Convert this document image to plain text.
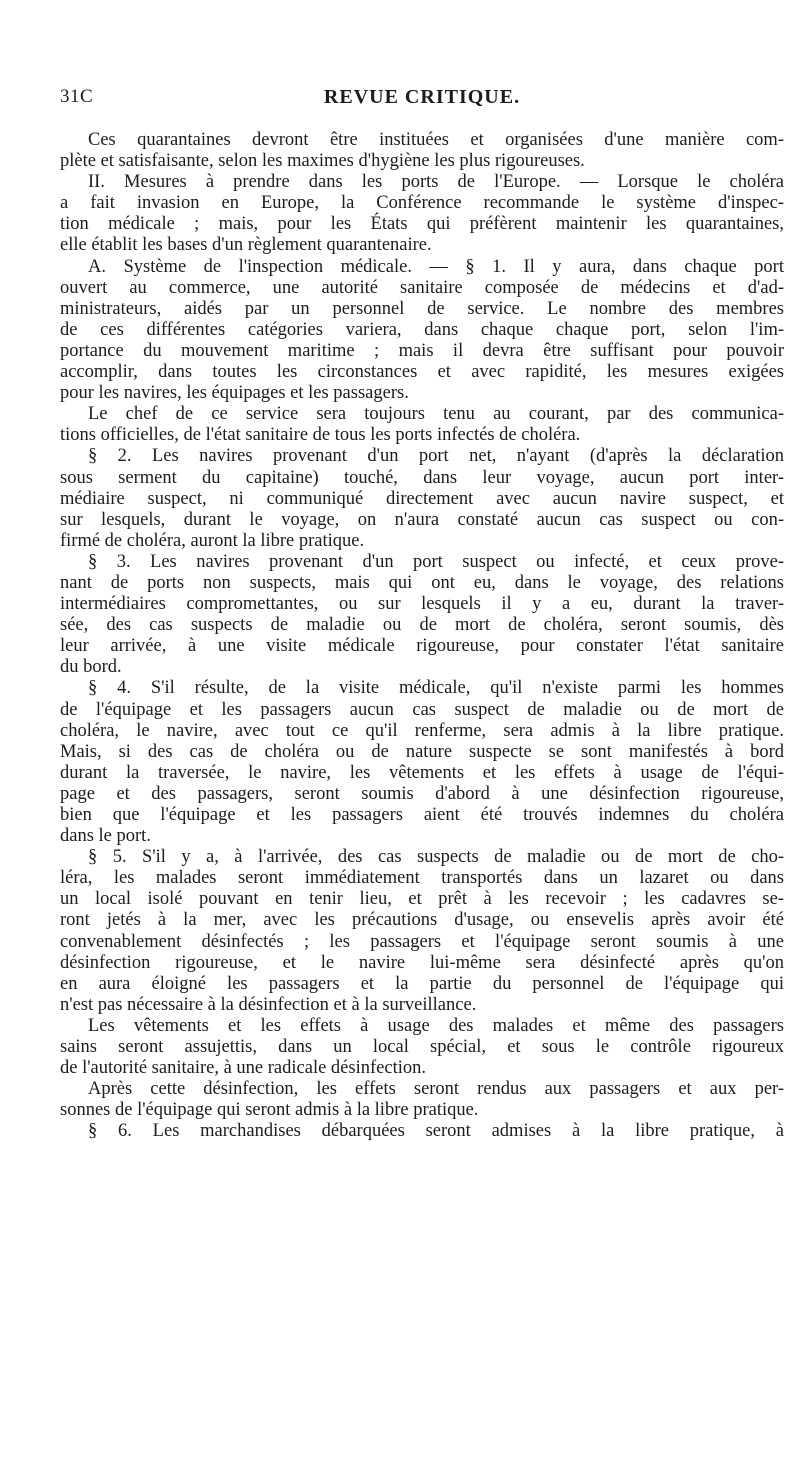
31C	REVUE CRITIQUE.
Ces quarantaines devront être instituées et organisées d'une manière com-
plète et satisfaisante, selon les maximes d'hygiène les plus rigoureuses.
II. Mesures à prendre dans les ports de l'Europe. — Lorsque le choléra
a fait invasion en Europe, la Conférence recommande le système d'inspec-
tion médicale ; mais, pour les États qui préfèrent maintenir les quarantaines,
elle établit les bases d'un règlement quarantenaire.
A. Système de l'inspection médicale. — § 1. Il y aura, dans chaque port
ouvert au commerce, une autorité sanitaire composée de médecins et d'ad-
ministrateurs, aidés par un personnel de service. Le nombre des membres
de ces différentes catégories variera, dans chaque chaque port, selon l'im-
portance du mouvement maritime ; mais il devra être suffisant pour pouvoir
accomplir, dans toutes les circonstances et avec rapidité, les mesures exigées
pour les navires, les équipages et les passagers.
Le chef de ce service sera toujours tenu au courant, par des communica-
tions officielles, de l'état sanitaire de tous les ports infectés de choléra.
§ 2. Les navires provenant d'un port net, n'ayant (d'après la déclaration
sous serment du capitaine) touché, dans leur voyage, aucun port inter-
médiaire suspect, ni communiqué directement avec aucun navire suspect, et
sur lesquels, durant le voyage, on n'aura constaté aucun cas suspect ou con-
firmé de choléra, auront la libre pratique.
§ 3. Les navires provenant d'un port suspect ou infecté, et ceux prove-
nant de ports non suspects, mais qui ont eu, dans le voyage, des relations
intermédiaires compromettantes, ou sur lesquels il y a eu, durant la traver-
sée, des cas suspects de maladie ou de mort de choléra, seront soumis, dès
leur arrivée, à une visite médicale rigoureuse, pour constater l'état sanitaire
du bord.
§ 4. S'il résulte, de la visite médicale, qu'il n'existe parmi les hommes
de l'équipage et les passagers aucun cas suspect de maladie ou de mort de
choléra, le navire, avec tout ce qu'il renferme, sera admis à la libre pratique.
Mais, si des cas de choléra ou de nature suspecte se sont manifestés à bord
durant la traversée, le navire, les vêtements et les effets à usage de l'équi-
page et des passagers, seront soumis d'abord à une désinfection rigoureuse,
bien que l'équipage et les passagers aient été trouvés indemnes du choléra
dans le port.
§ 5. S'il y a, à l'arrivée, des cas suspects de maladie ou de mort de cho-
léra, les malades seront immédiatement transportés dans un lazaret ou dans
un local isolé pouvant en tenir lieu, et prêt à les recevoir ; les cadavres se-
ront jetés à la mer, avec les précautions d'usage, ou ensevelis après avoir été
convenablement désinfectés ; les passagers et l'équipage seront soumis à une
désinfection rigoureuse, et le navire lui-même sera désinfecté après qu'on
en aura éloigné les passagers et la partie du personnel de l'équipage qui
n'est pas nécessaire à la désinfection et à la surveillance.
Les vêtements et les effets à usage des malades et même des passagers
sains seront assujettis, dans un local spécial, et sous le contrôle rigoureux
de l'autorité sanitaire, à une radicale désinfection.
Après cette désinfection, les effets seront rendus aux passagers et aux per-
sonnes de l'équipage qui seront admis à la libre pratique.
§ 6. Les marchandises débarquées seront admises à la libre pratique, à
